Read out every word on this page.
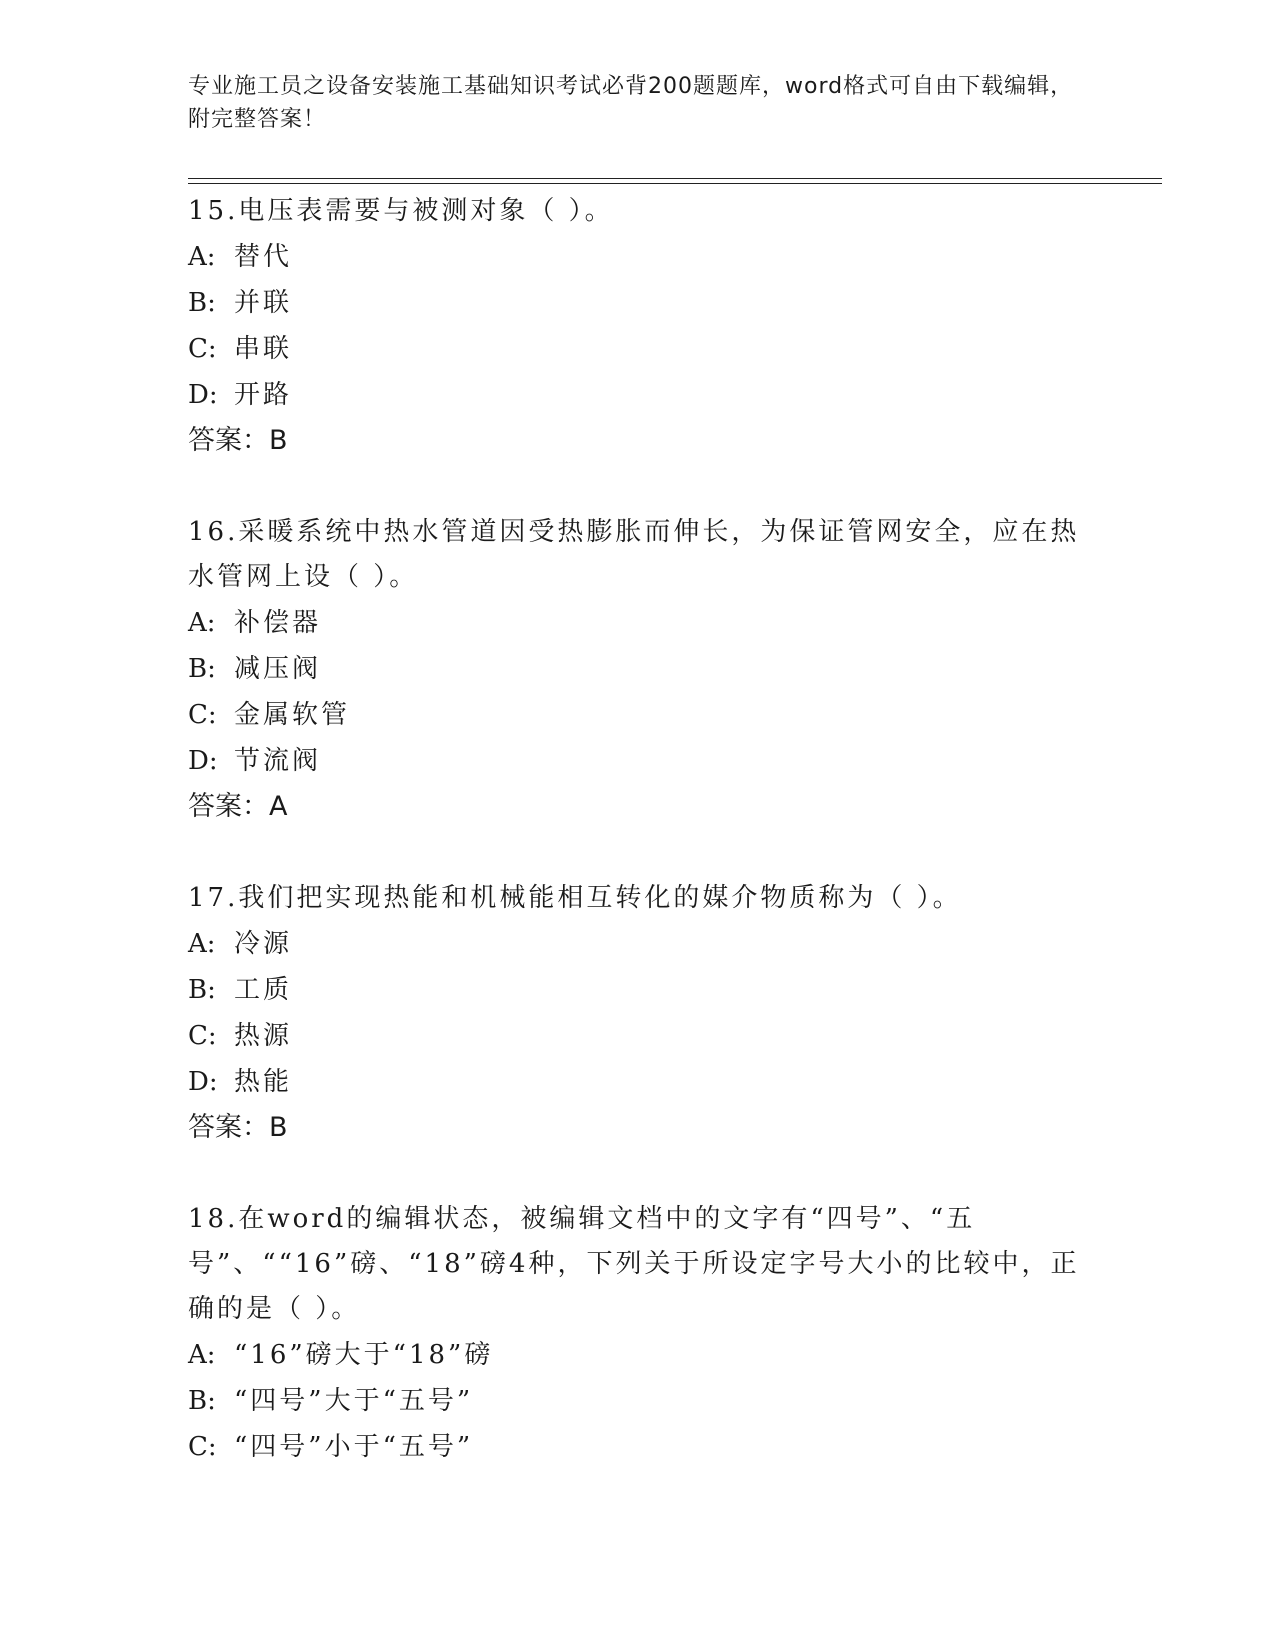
专业施工员之设备安装施工基础知识考试必背200题题库，word格式可自由下载编辑，附完整答案！

15.电压表需要与被测对象（ ）。

A: 替代

B: 并联

C: 串联

D: 开路

答案：B

16.采暖系统中热水管道因受热膨胀而伸长，为保证管网安全，应在热水管网上设（ ）。

A: 补偿器

B: 减压阀

C: 金属软管

D: 节流阀

答案：A

17.我们把实现热能和机械能相互转化的媒介物质称为（ ）。

A: 冷源

B: 工质

C: 热源

D: 热能

答案：B

18.在word的编辑状态，被编辑文档中的文字有“四号”、“五号”、““16”磅、“18”磅4种，下列关于所设定字号大小的比较中，正确的是（ ）。

A: “16”磅大于“18”磅

B: “四号”大于“五号”

C: “四号”小于“五号”
